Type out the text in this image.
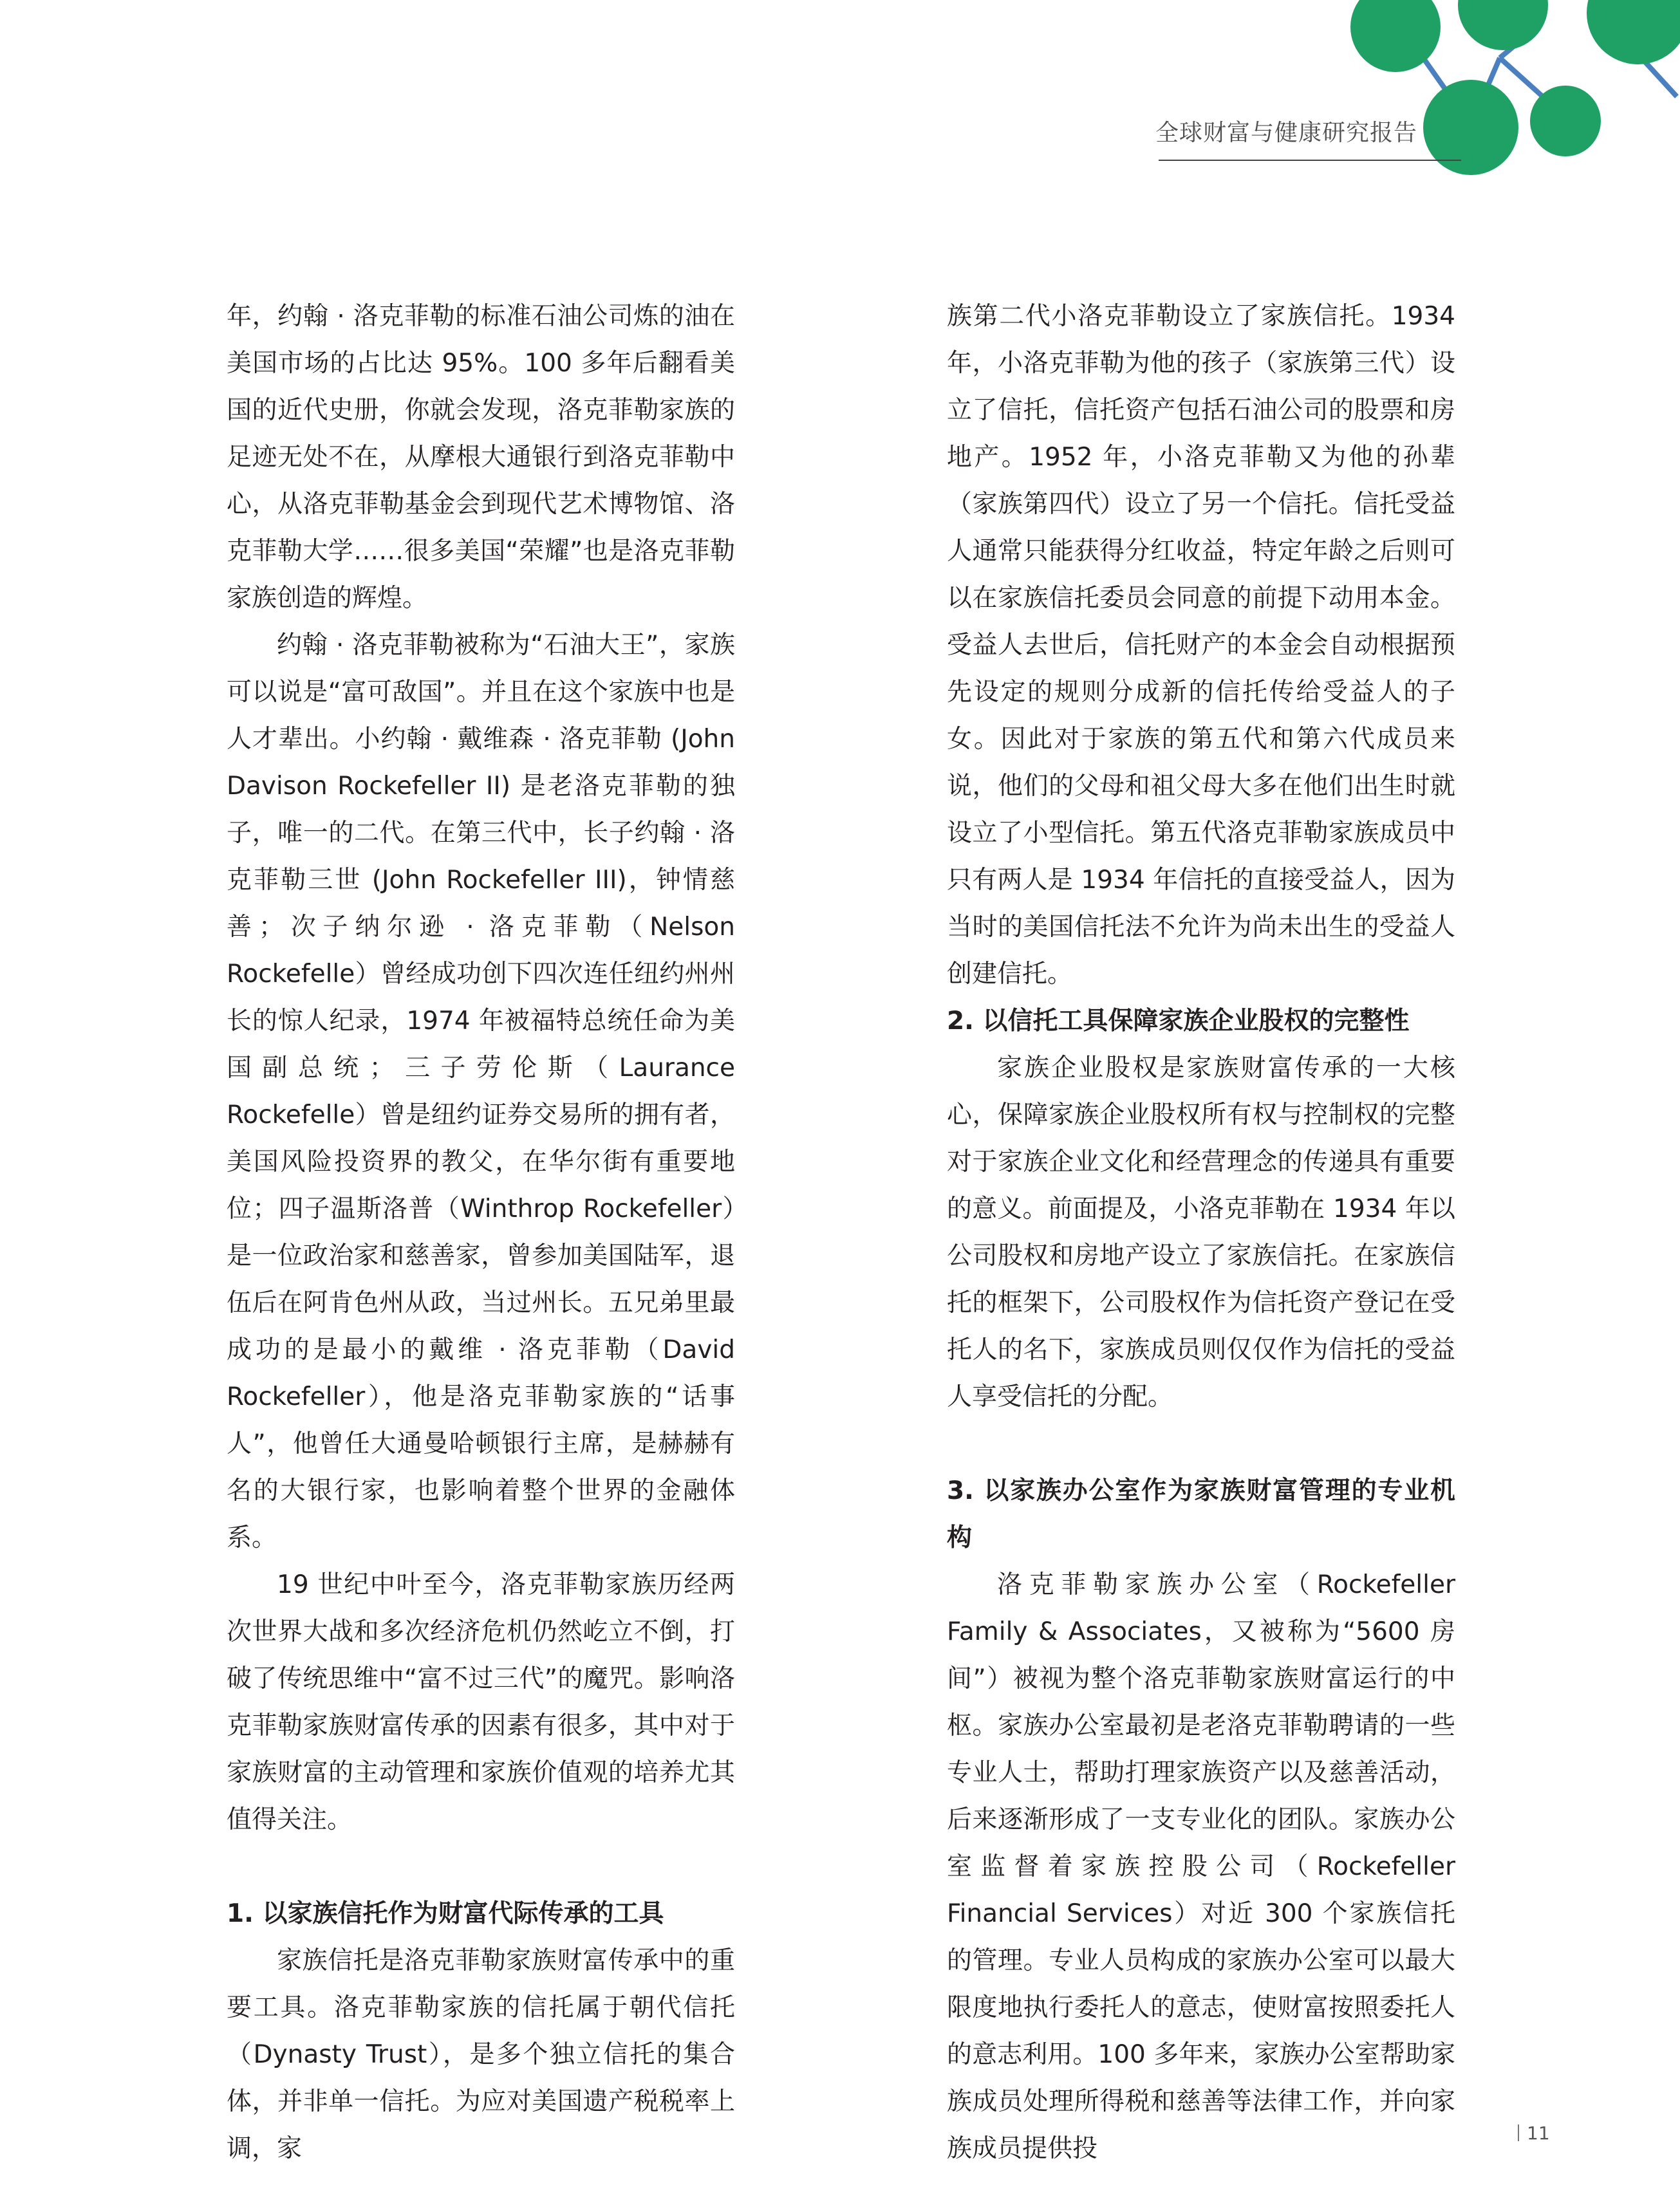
全球财富与健康研究报告

年，约翰 · 洛克菲勒的标准石油公司炼的油在美国市场的占比达 95%。100 多年后翻看美国的近代史册，你就会发现，洛克菲勒家族的足迹无处不在，从摩根大通银行到洛克菲勒中心，从洛克菲勒基金会到现代艺术博物馆、洛克菲勒大学……很多美国“荣耀”也是洛克菲勒家族创造的辉煌。

约翰 · 洛克菲勒被称为“石油大王”，家族可以说是“富可敌国”。并且在这个家族中也是人才辈出。小约翰 · 戴维森 · 洛克菲勒 (John Davison Rockefeller II) 是老洛克菲勒的独子，唯一的二代。在第三代中，长子约翰 · 洛克菲勒三世 (John Rockefeller III)，钟情慈善；次子纳尔逊 · 洛克菲勒（Nelson Rockefelle）曾经成功创下四次连任纽约州州长的惊人纪录，1974 年被福特总统任命为美国副总统；三子劳伦斯（Laurance Rockefelle）曾是纽约证券交易所的拥有者，美国风险投资界的教父，在华尔街有重要地位；四子温斯洛普（Winthrop Rockefeller）是一位政治家和慈善家，曾参加美国陆军，退伍后在阿肯色州从政，当过州长。五兄弟里最成功的是最小的戴维 · 洛克菲勒（David Rockefeller），他是洛克菲勒家族的“话事人”，他曾任大通曼哈顿银行主席，是赫赫有名的大银行家，也影响着整个世界的金融体系。

19 世纪中叶至今，洛克菲勒家族历经两次世界大战和多次经济危机仍然屹立不倒，打破了传统思维中“富不过三代”的魔咒。影响洛克菲勒家族财富传承的因素有很多，其中对于家族财富的主动管理和家族价值观的培养尤其值得关注。

1. 以家族信托作为财富代际传承的工具

家族信托是洛克菲勒家族财富传承中的重要工具。洛克菲勒家族的信托属于朝代信托（Dynasty Trust），是多个独立信托的集合体，并非单一信托。为应对美国遗产税税率上调，家

族第二代小洛克菲勒设立了家族信托。1934 年，小洛克菲勒为他的孩子（家族第三代）设立了信托，信托资产包括石油公司的股票和房地产。1952 年，小洛克菲勒又为他的孙辈（家族第四代）设立了另一个信托。信托受益人通常只能获得分红收益，特定年龄之后则可以在家族信托委员会同意的前提下动用本金。受益人去世后，信托财产的本金会自动根据预先设定的规则分成新的信托传给受益人的子女。因此对于家族的第五代和第六代成员来说，他们的父母和祖父母大多在他们出生时就设立了小型信托。第五代洛克菲勒家族成员中只有两人是 1934 年信托的直接受益人，因为当时的美国信托法不允许为尚未出生的受益人创建信托。

2. 以信托工具保障家族企业股权的完整性

家族企业股权是家族财富传承的一大核心，保障家族企业股权所有权与控制权的完整对于家族企业文化和经营理念的传递具有重要的意义。前面提及，小洛克菲勒在 1934 年以公司股权和房地产设立了家族信托。在家族信托的框架下，公司股权作为信托资产登记在受托人的名下，家族成员则仅仅作为信托的受益人享受信托的分配。

3. 以家族办公室作为家族财富管理的专业机构

洛克菲勒家族办公室（Rockefeller Family & Associates，又被称为“5600 房间”）被视为整个洛克菲勒家族财富运行的中枢。家族办公室最初是老洛克菲勒聘请的一些专业人士，帮助打理家族资产以及慈善活动，后来逐渐形成了一支专业化的团队。家族办公室监督着家族控股公司（Rockefeller Financial Services）对近 300 个家族信托的管理。专业人员构成的家族办公室可以最大限度地执行委托人的意志，使财富按照委托人的意志利用。100 多年来，家族办公室帮助家族成员处理所得税和慈善等法律工作，并向家族成员提供投

11
